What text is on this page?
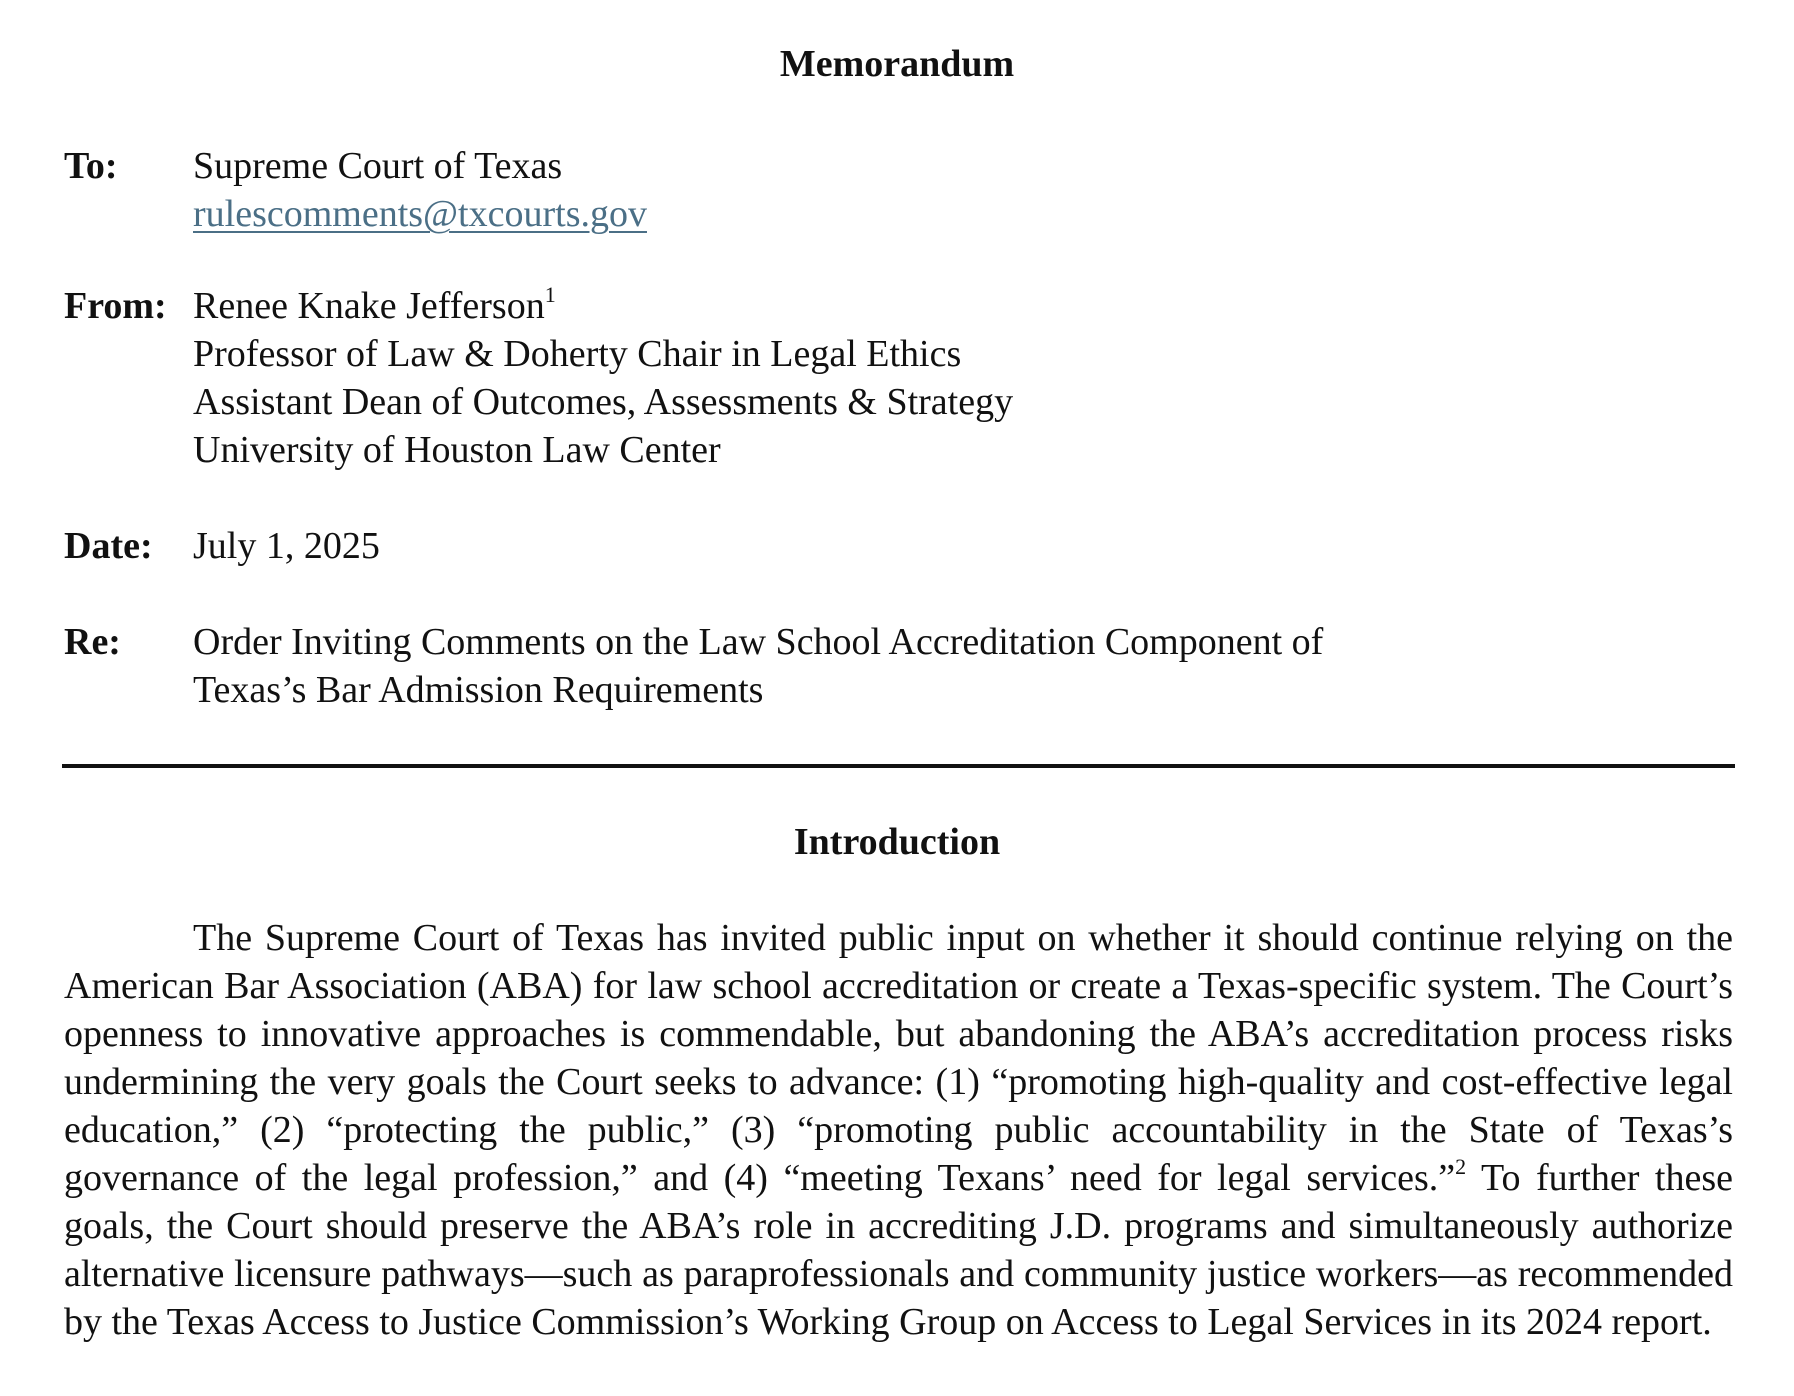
Memorandum
To: Supreme Court of Texas
rulescomments@txcourts.gov
From: Renee Knake Jefferson$^1$
Professor of Law & Doherty Chair in Legal Ethics
Assistant Dean of Outcomes, Assessments & Strategy
University of Houston Law Center
Date: July 1, 2025
Re: Order Inviting Comments on the Law School Accreditation Component of
Texas’s Bar Admission Requirements
Introduction

The Supreme Court of Texas has invited public input on whether it should continue relying on the American Bar Association (ABA) for law school accreditation or create a Texas-specific system. The Court’s openness to innovative approaches is commendable, but abandoning the ABA’s accreditation process risks undermining the very goals the Court seeks to advance: (1) “promoting high-quality and cost-effective legal education,” (2) “protecting the public,” (3) “promoting public accountability in the State of Texas’s governance of the legal profession,” and (4) “meeting Texans’ need for legal services.”$^2$ To further these goals, the Court should preserve the ABA’s role in accrediting J.D. programs and simultaneously authorize alternative licensure pathways—such as paraprofessionals and community justice workers—as recommended by the Texas Access to Justice Commission’s Working Group on Access to Legal Services in its 2024 report.
